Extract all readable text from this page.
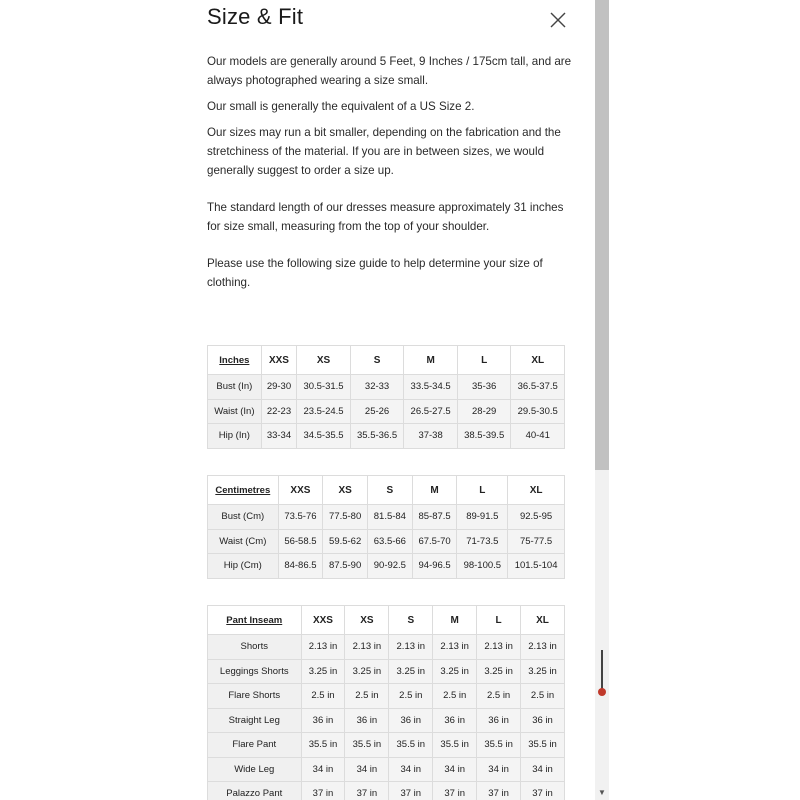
Size & Fit

Our models are generally around 5 Feet, 9 Inches / 175cm tall, and are always photographed wearing a size small.

Our small is generally the equivalent of a US Size 2.

Our sizes may run a bit smaller, depending on the fabrication and the stretchiness of the material. If you are in between sizes, we would generally suggest to order a size up.

The standard length of our dresses measure approximately 31 inches for size small, measuring from the top of your shoulder.

Please use the following size guide to help determine your size of clothing.

Inches	XXS	XS	S	M	L	XL
Bust (In)	29-30	30.5-31.5	32-33	33.5-34.5	35-36	36.5-37.5
Waist (In)	22-23	23.5-24.5	25-26	26.5-27.5	28-29	29.5-30.5
Hip (In)	33-34	34.5-35.5	35.5-36.5	37-38	38.5-39.5	40-41
Centimetres	XXS	XS	S	M	L	XL
Bust (Cm)	73.5-76	77.5-80	81.5-84	85-87.5	89-91.5	92.5-95
Waist (Cm)	56-58.5	59.5-62	63.5-66	67.5-70	71-73.5	75-77.5
Hip (Cm)	84-86.5	87.5-90	90-92.5	94-96.5	98-100.5	101.5-104
Pant Inseam	XXS	XS	S	M	L	XL
Shorts	2.13 in	2.13 in	2.13 in	2.13 in	2.13 in	2.13 in
Leggings Shorts	3.25 in	3.25 in	3.25 in	3.25 in	3.25 in	3.25 in
Flare Shorts	2.5 in	2.5 in	2.5 in	2.5 in	2.5 in	2.5 in
Straight Leg	36 in	36 in	36 in	36 in	36 in	36 in
Flare Pant	35.5 in	35.5 in	35.5 in	35.5 in	35.5 in	35.5 in
Wide Leg	34 in	34 in	34 in	34 in	34 in	34 in
Palazzo Pant	37 in	37 in	37 in	37 in	37 in	37 in	▼
